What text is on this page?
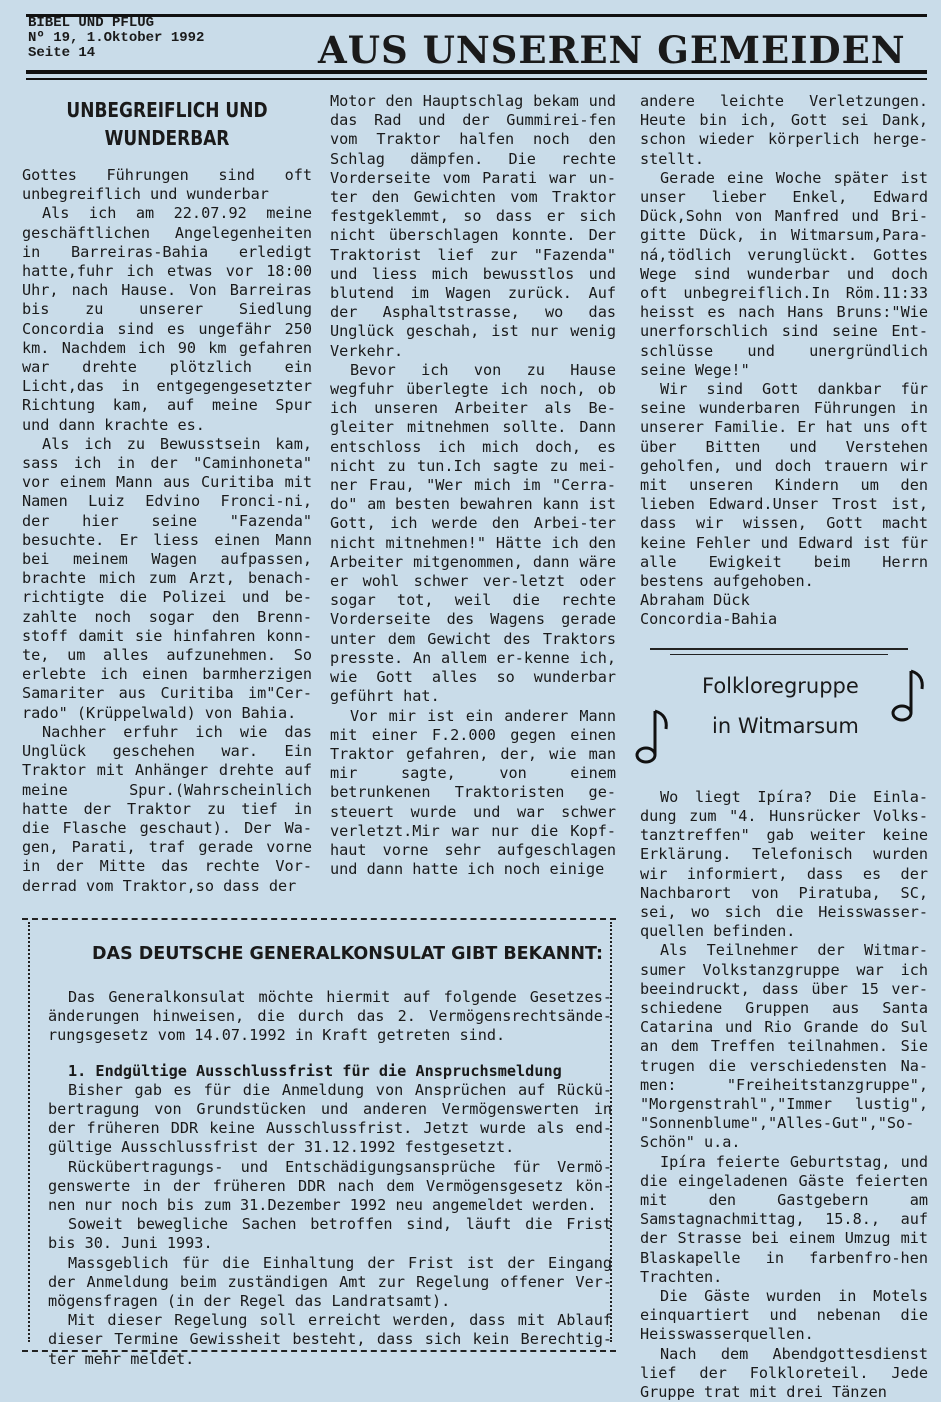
BIBEL UND PFLUG
Nº 19, 1.Oktober 1992
Seite 14	AUS UNSEREN GEMEIDEN
UNBEGREIFLICH UND
WUNDERBAR

Gottes Führungen sind oft unbegreiflich und wunderbar

Als ich am 22.07.92 meine geschäftlichen Angelegenheiten in Barreiras-Bahia erledigt hatte,fuhr ich etwas vor 18:00 Uhr, nach Hause. Von Barreiras bis zu unserer Siedlung Concordia sind es ungefähr 250 km. Nachdem ich 90 km gefahren war drehte plötzlich ein Licht,das in entgegengesetzter Richtung kam, auf meine Spur und dann krachte es.

Als ich zu Bewusstsein kam, sass ich in der "Caminhoneta" vor einem Mann aus Curitiba mit Namen Luiz Edvino Fronci-ni, der hier seine "Fazenda" besuchte. Er liess einen Mann bei meinem Wagen aufpassen, brachte mich zum Arzt, benach-richtigte die Polizei und be-zahlte noch sogar den Brenn-stoff damit sie hinfahren konn-te, um alles aufzunehmen. So erlebte ich einen barmherzigen Samariter aus Curitiba im"Cer-rado" (Krüppelwald) von Bahia.

Nachher erfuhr ich wie das Unglück geschehen war. Ein Traktor mit Anhänger drehte auf meine Spur.(Wahrscheinlich hatte der Traktor zu tief in die Flasche geschaut). Der Wa-gen, Parati, traf gerade vorne in der Mitte das rechte Vor-derrad vom Traktor,so dass der

Motor den Hauptschlag bekam und das Rad und der Gummirei-fen vom Traktor halfen noch den Schlag dämpfen. Die rechte Vorderseite vom Parati war un-ter den Gewichten vom Traktor festgeklemmt, so dass er sich nicht überschlagen konnte. Der Traktorist lief zur "Fazenda" und liess mich bewusstlos und blutend im Wagen zurück. Auf der Asphaltstrasse, wo das Unglück geschah, ist nur wenig Verkehr.

Bevor ich von zu Hause wegfuhr überlegte ich noch, ob ich unseren Arbeiter als Be-gleiter mitnehmen sollte. Dann entschloss ich mich doch, es nicht zu tun.Ich sagte zu mei-ner Frau, "Wer mich im "Cerra-do" am besten bewahren kann ist Gott, ich werde den Arbei-ter nicht mitnehmen!" Hätte ich den Arbeiter mitgenommen, dann wäre er wohl schwer ver-letzt oder sogar tot, weil die rechte Vorderseite des Wagens gerade unter dem Gewicht des Traktors presste. An allem er-kenne ich, wie Gott alles so wunderbar geführt hat.

Vor mir ist ein anderer Mann mit einer F.2.000 gegen einen Traktor gefahren, der, wie man mir sagte, von einem betrunkenen Traktoristen ge-steuert wurde und war schwer verletzt.Mir war nur die Kopf-haut vorne sehr aufgeschlagen und dann hatte ich noch einige

andere leichte Verletzungen. Heute bin ich, Gott sei Dank, schon wieder körperlich herge-stellt.

Gerade eine Woche später ist unser lieber Enkel, Edward Dück,Sohn von Manfred und Bri-gitte Dück, in Witmarsum,Para-ná,tödlich verunglückt. Gottes Wege sind wunderbar und doch oft unbegreiflich.In Röm.11:33 heisst es nach Hans Bruns:"Wie unerforschlich sind seine Ent-schlüsse und unergründlich seine Wege!"

Wir sind Gott dankbar für seine wunderbaren Führungen in unserer Familie. Er hat uns oft über Bitten und Verstehen geholfen, und doch trauern wir mit unseren Kindern um den lieben Edward.Unser Trost ist, dass wir wissen, Gott macht keine Fehler und Edward ist für alle Ewigkeit beim Herrn bestens aufgehoben.

Abraham Dück

Concordia-Bahia

Folkloregruppe
in Witmarsum

Wo liegt Ipíra? Die Einla-dung zum "4. Hunsrücker Volks-tanztreffen" gab weiter keine Erklärung. Telefonisch wurden wir informiert, dass es der Nachbarort von Piratuba, SC, sei, wo sich die Heisswasser-quellen befinden.

Als Teilnehmer der Witmar-sumer Volkstanzgruppe war ich beeindruckt, dass über 15 ver-schiedene Gruppen aus Santa Catarina und Rio Grande do Sul an dem Treffen teilnahmen. Sie trugen die verschiedensten Na-men: "Freiheitstanzgruppe", "Morgenstrahl","Immer lustig", "Sonnenblume","Alles-Gut","So-Schön" u.a.

Ipíra feierte Geburtstag, und die eingeladenen Gäste feierten mit den Gastgebern am Samstagnachmittag, 15.8., auf der Strasse bei einem Umzug mit Blaskapelle in farbenfro-hen Trachten.

Die Gäste wurden in Motels einquartiert und nebenan die Heisswasserquellen.

Nach dem Abendgottesdienst lief der Folkloreteil. Jede Gruppe trat mit drei Tänzen

DAS DEUTSCHE GENERALKONSULAT GIBT BEKANNT:

Das Generalkonsulat möchte hiermit auf folgende Gesetzes-änderungen hinweisen, die durch das 2. Vermögensrechtsände-rungsgesetz vom 14.07.1992 in Kraft getreten sind.

1. Endgültige Ausschlussfrist für die Anspruchsmeldung

Bisher gab es für die Anmeldung von Ansprüchen auf Rückü-bertragung von Grundstücken und anderen Vermögenswerten in der früheren DDR keine Ausschlussfrist. Jetzt wurde als end-gültige Ausschlussfrist der 31.12.1992 festgesetzt.

Rückübertragungs- und Entschädigungsansprüche für Vermö-genswerte in der früheren DDR nach dem Vermögensgesetz kön-nen nur noch bis zum 31.Dezember 1992 neu angemeldet werden.

Soweit bewegliche Sachen betroffen sind, läuft die Frist bis 30. Juni 1993.

Massgeblich für die Einhaltung der Frist ist der Eingang der Anmeldung beim zuständigen Amt zur Regelung offener Ver-mögensfragen (in der Regel das Landratsamt).

Mit dieser Regelung soll erreicht werden, dass mit Ablauf dieser Termine Gewissheit besteht, dass sich kein Berechtig-ter mehr meldet.
